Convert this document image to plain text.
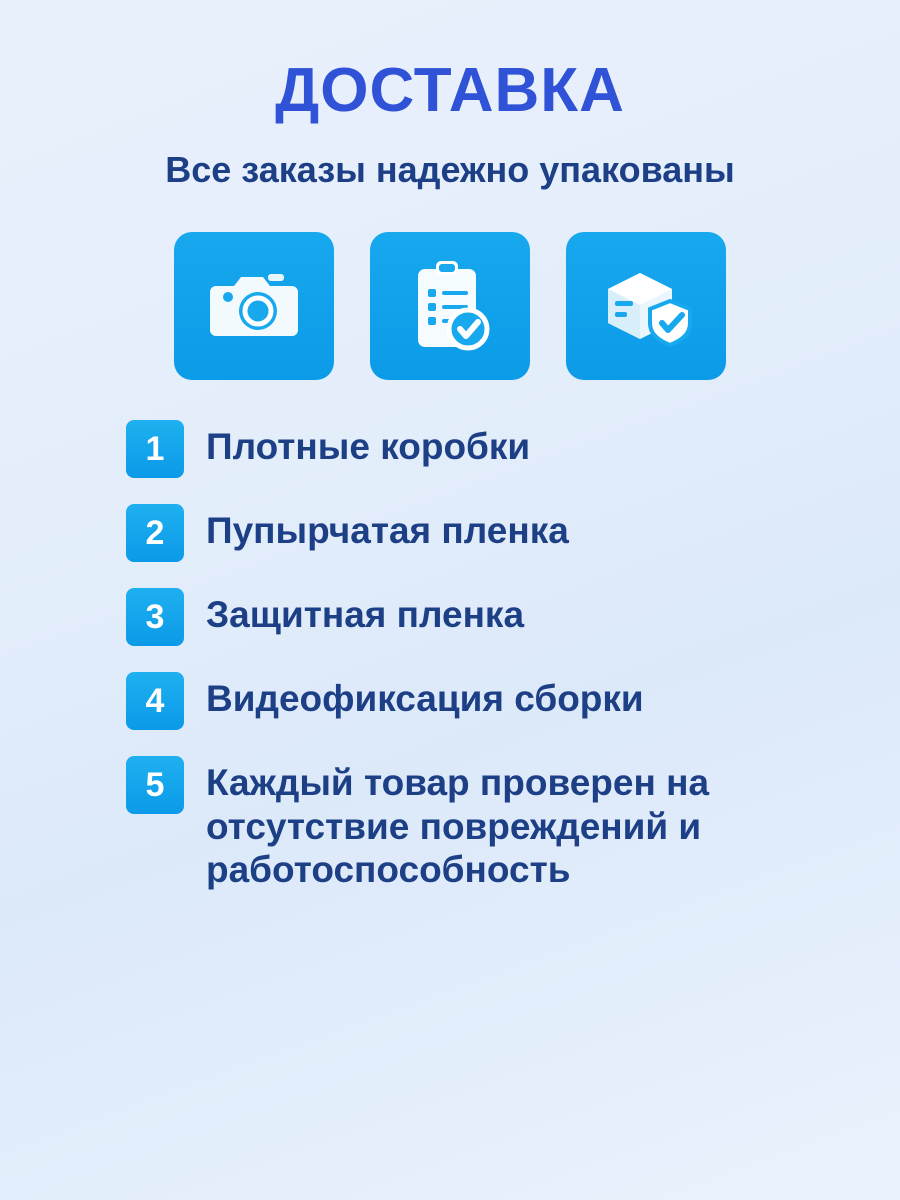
ДОСТАВКА
Все заказы надежно упакованы
1	Плотные коробки
2	Пупырчатая пленка
3	Защитная пленка
4	Видеофиксация сборки
5	Каждый товар проверен на отсутствие повреждений и работоспособность
